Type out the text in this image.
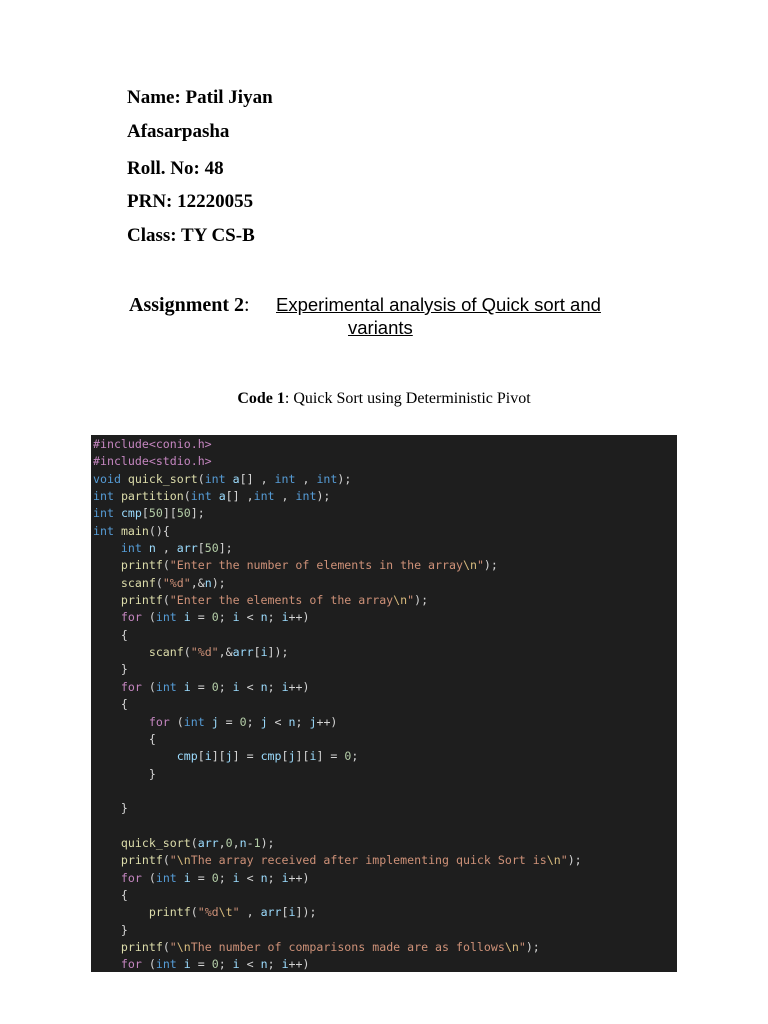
Name: Patil Jiyan
Afasarpasha
Roll. No: 48
PRN: 12220055
Class: TY CS-B
Assignment 2: Experimental analysis of Quick sort and
variants
Code 1: Quick Sort using Deterministic Pivot
#include<conio.h>
#include<stdio.h>
void quick_sort(int a[] , int , int);
int partition(int a[] ,int , int);
int cmp[50][50];
int main(){
int n , arr[50];
printf("Enter the number of elements in the array\n");
scanf("%d",&n);
printf("Enter the elements of the array\n");
for (int i = 0; i < n; i++)
{
scanf("%d",&arr[i]);
}
for (int i = 0; i < n; i++)
{
for (int j = 0; j < n; j++)
{
cmp[i][j] = cmp[j][i] = 0;
}
}
quick_sort(arr,0,n-1);
printf("\nThe array received after implementing quick Sort is\n");
for (int i = 0; i < n; i++)
{
printf("%d\t" , arr[i]);
}
printf("\nThe number of comparisons made are as follows\n");
for (int i = 0; i < n; i++)
